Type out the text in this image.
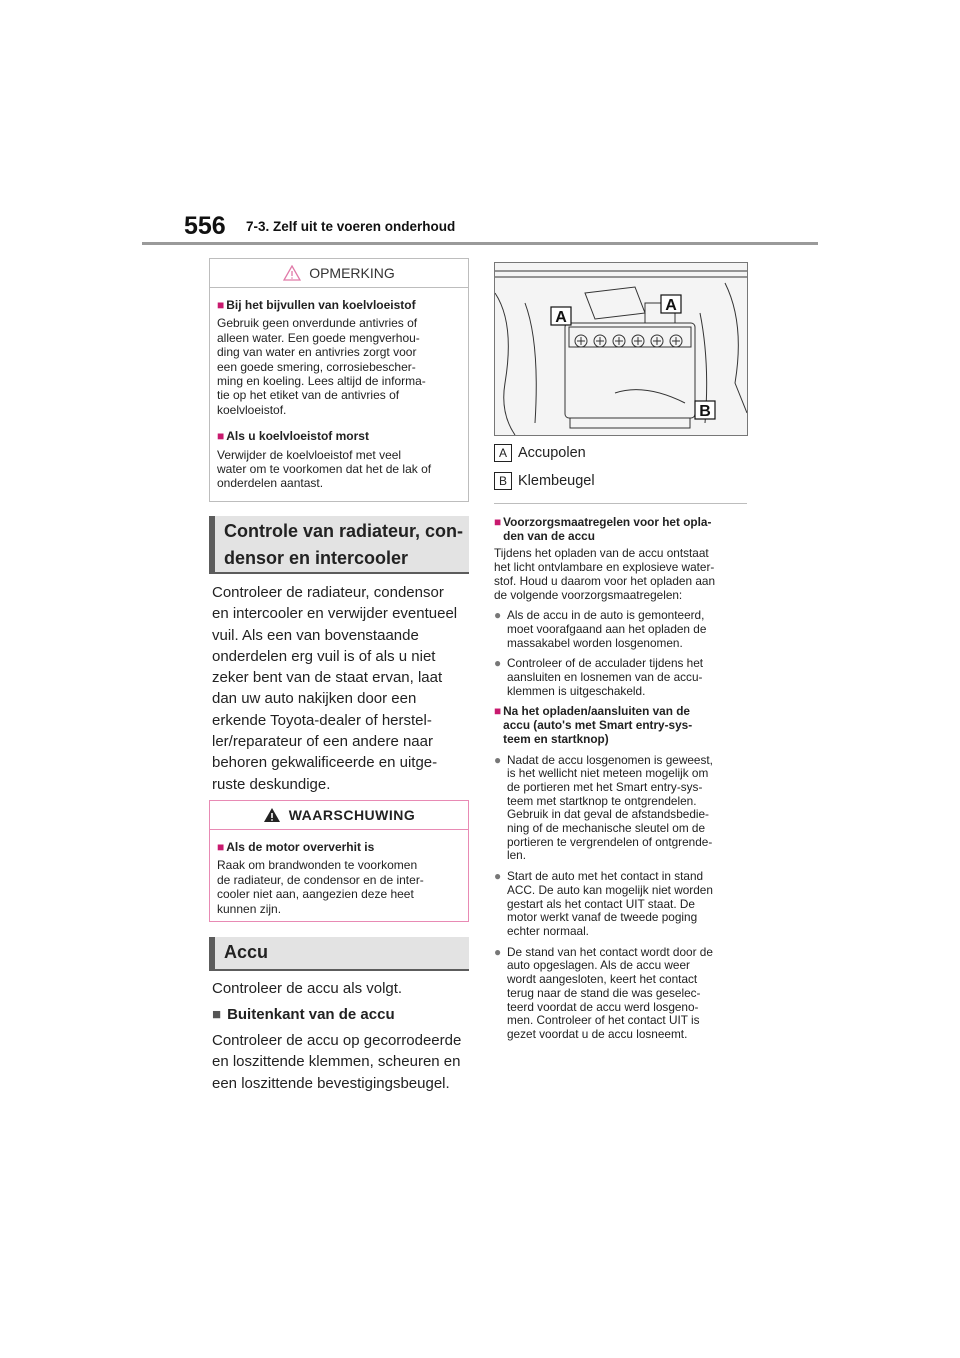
556 7-3. Zelf uit te voeren onderhoud
OPMERKING
■ Bij het bijvullen van koelvloeistof
Gebruik geen onverdunde antivries of
alleen water. Een goede mengverhou-
ding van water en antivries zorgt voor
een goede smering, corrosiebescher-
ming en koeling. Lees altijd de informa-
tie op het etiket van de antivries of
koelvloeistof.
■ Als u koelvloeistof morst
Verwijder de koelvloeistof met veel
water om te voorkomen dat het de lak of
onderdelen aantast.
Controle van radiateur, con-
densor en intercooler
Controleer de radiateur, condensor
en intercooler en verwijder eventueel
vuil. Als een van bovenstaande
onderdelen erg vuil is of als u niet
zeker bent van de staat ervan, laat
dan uw auto nakijken door een
erkende Toyota-dealer of herstel-
ler/reparateur of een andere naar
behoren gekwalificeerde en uitge-
ruste deskundige.
WAARSCHUWING
■ Als de motor oververhit is
Raak om brandwonden te voorkomen
de radiateur, de condensor en de inter-
cooler niet aan, aangezien deze heet
kunnen zijn.
Accu
Controleer de accu als volgt.
■ Buitenkant van de accu
Controleer de accu op gecorrodeerde
en loszittende klemmen, scheuren en
een loszittende bevestigingsbeugel.
A
A
B
A Accupolen
B Klembeugel
■ Voorzorgsmaatregelen voor het opla-
den van de accu
Tijdens het opladen van de accu ontstaat
het licht ontvlambare en explosieve water-
stof. Houd u daarom voor het opladen aan
de volgende voorzorgsmaatregelen:
● Als de accu in de auto is gemonteerd,
moet voorafgaand aan het opladen de
massakabel worden losgenomen.
● Controleer of de acculader tijdens het
aansluiten en losnemen van de accu-
klemmen is uitgeschakeld.
■ Na het opladen/aansluiten van de
accu (auto's met Smart entry-sys-
teem en startknop)
● Nadat de accu losgenomen is geweest,
is het wellicht niet meteen mogelijk om
de portieren met het Smart entry-sys-
teem met startknop te ontgrendelen.
Gebruik in dat geval de afstandsbedie-
ning of de mechanische sleutel om de
portieren te vergrendelen of ontgrende-
len.
● Start de auto met het contact in stand
ACC. De auto kan mogelijk niet worden
gestart als het contact UIT staat. De
motor werkt vanaf de tweede poging
echter normaal.
● De stand van het contact wordt door de
auto opgeslagen. Als de accu weer
wordt aangesloten, keert het contact
terug naar de stand die was geselec-
teerd voordat de accu werd losgeno-
men. Controleer of het contact UIT is
gezet voordat u de accu losneemt.
